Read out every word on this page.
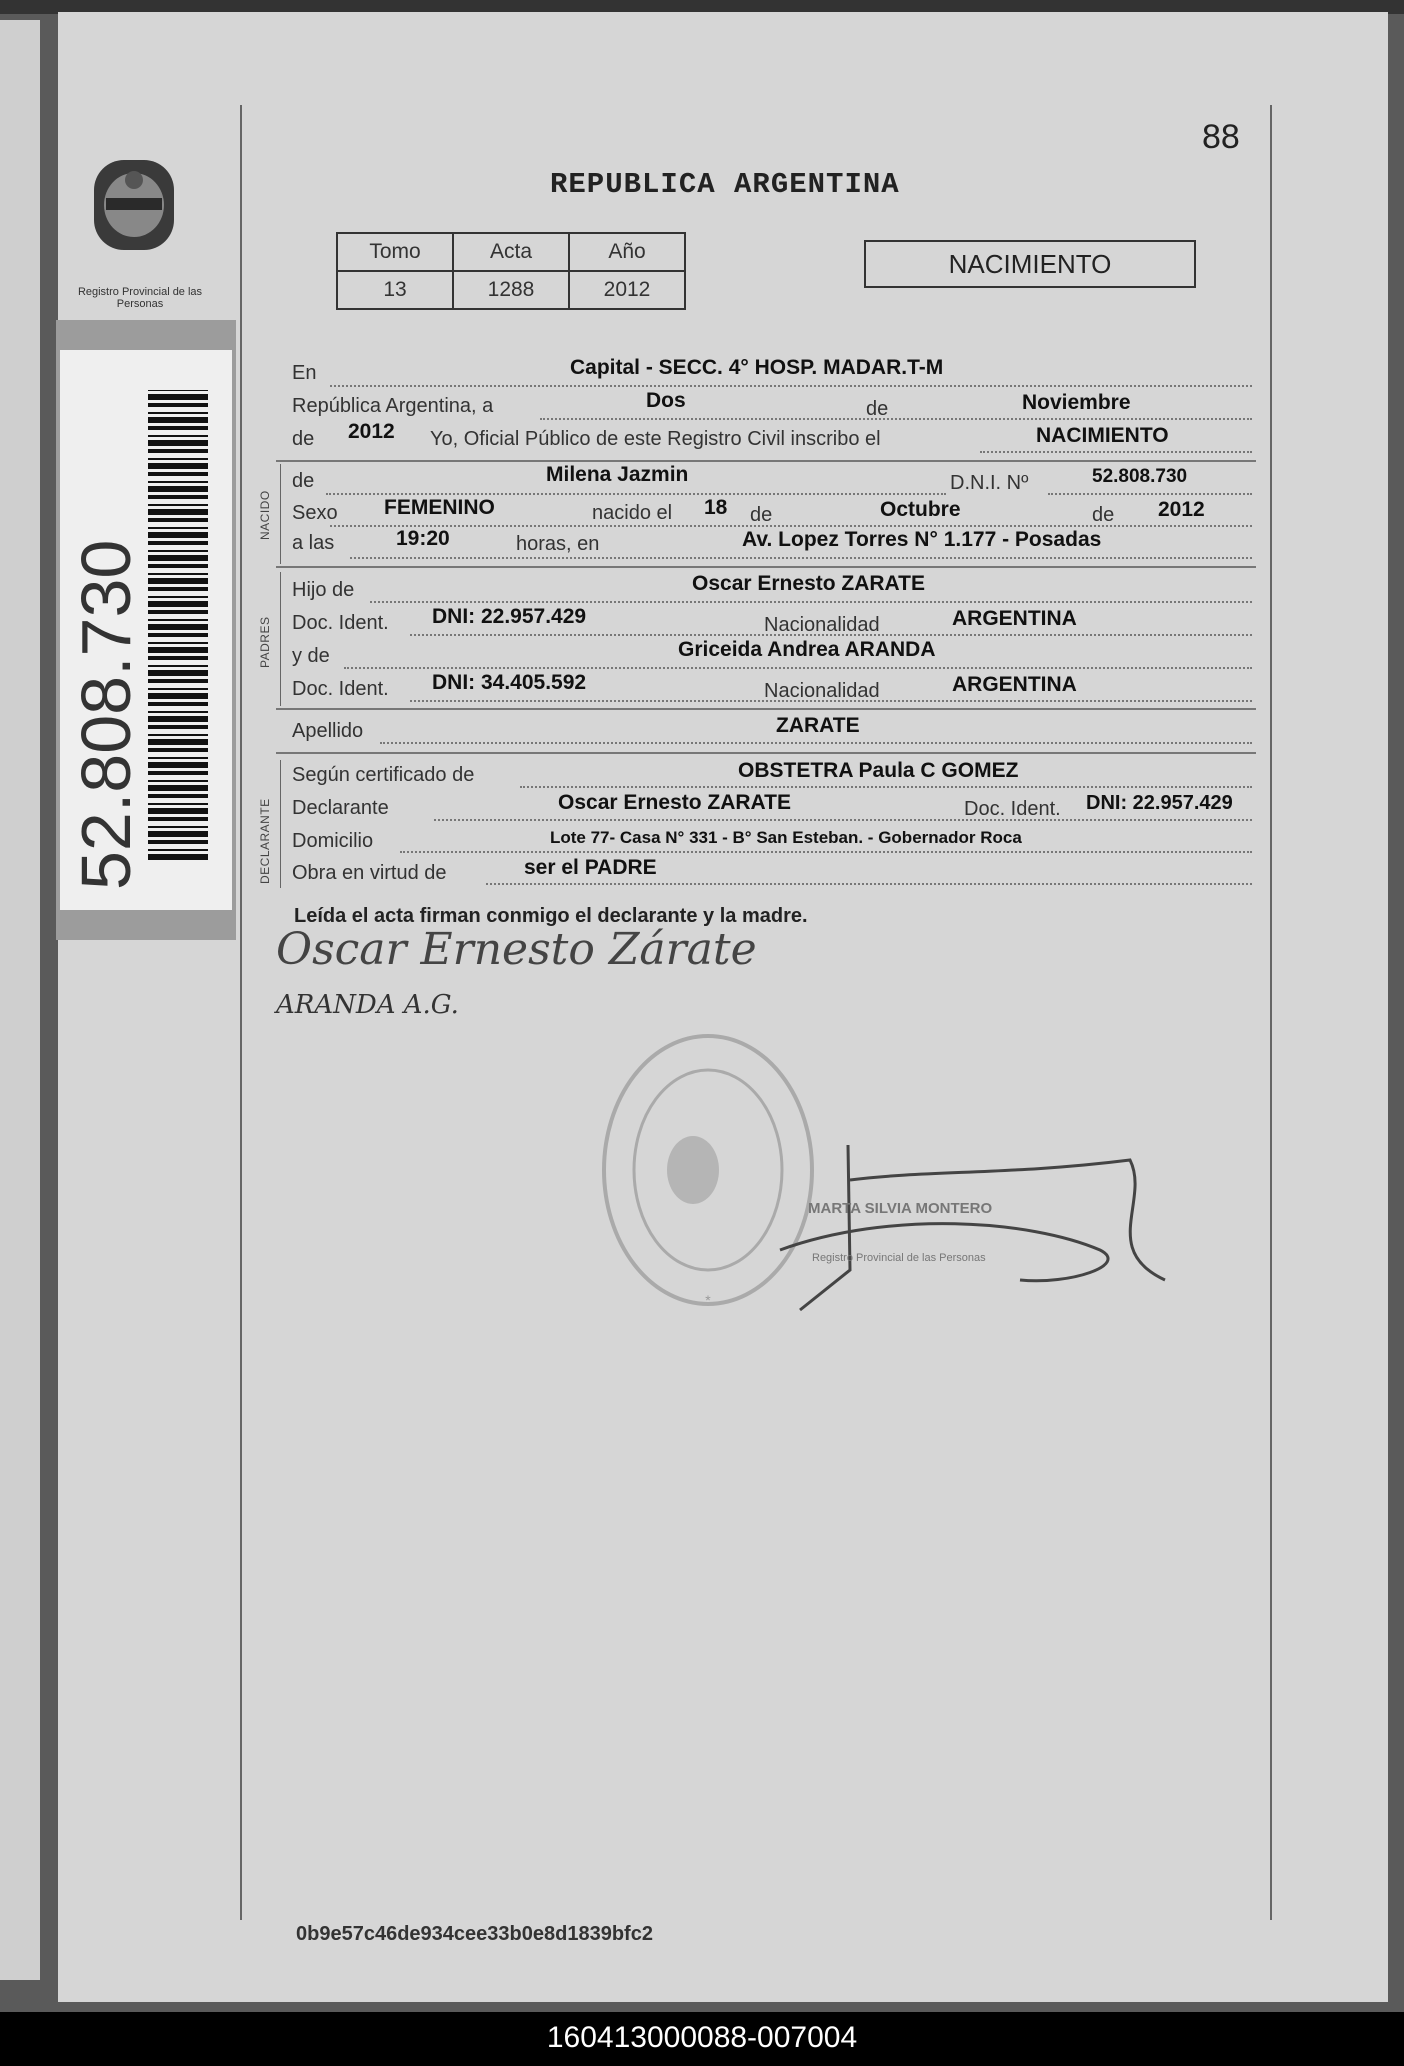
Registro Provincial de las Personas
52.808.730
88
REPUBLICA ARGENTINA
Tomo	Acta	Año
13	1288	2012
NACIMIENTO
NACIDO
PADRES
DECLARANTE
En	Capital - SECC. 4° HOSP. MADAR.T-M
República Argentina, a	Dos	de	Noviembre
de 2012 Yo, Oficial Público de este Registro Civil inscribo el	NACIMIENTO
de	Milena Jazmin	D.N.I. Nº	52.808.730
Sexo FEMENINO	nacido el 18 de	Octubre	de 2012
a las	19:20	horas, en	Av. Lopez Torres N° 1.177 - Posadas
Hijo de	Oscar Ernesto ZARATE
Doc. Ident. DNI: 22.957.429	Nacionalidad	ARGENTINA
y de	Griceida Andrea ARANDA
Doc. Ident. DNI: 34.405.592	Nacionalidad	ARGENTINA
Apellido	ZARATE
Según certificado de	OBSTETRA Paula C GOMEZ
Declarante	Oscar Ernesto ZARATE	Doc. Ident. DNI: 22.957.429
Domicilio	Lote 77- Casa N° 331 - B° San Esteban. - Gobernador Roca
Obra en virtud de	ser el PADRE
Leída el acta firman conmigo el declarante y la madre.
Oscar Ernesto Zárate
ARANDA A.G.
*
MARTA SILVIA MONTERO
Registro Provincial de las Personas
0b9e57c46de934cee33b0e8d1839bfc2
160413000088-007004
